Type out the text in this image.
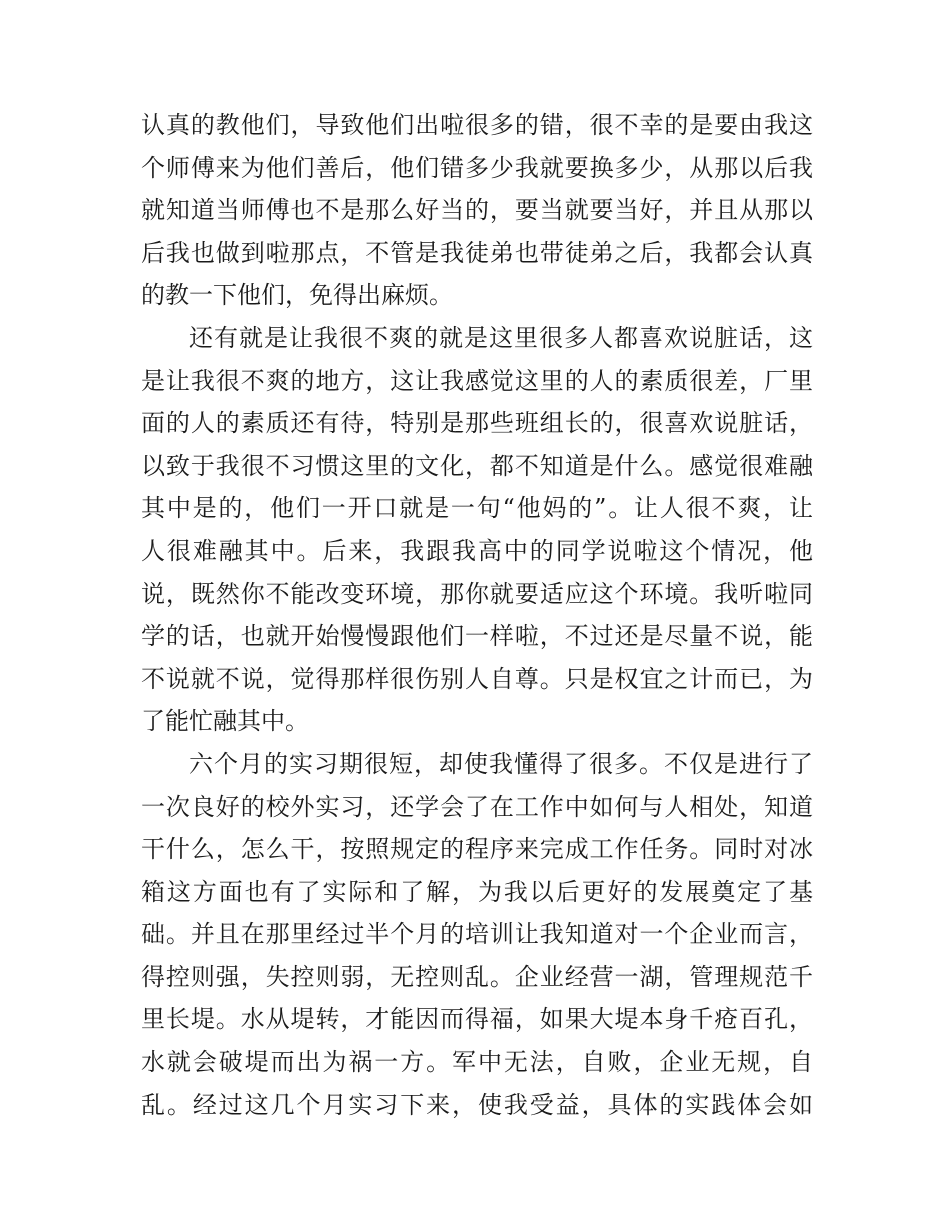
认真的教他们，导致他们出啦很多的错，很不幸的是要由我这
个师傅来为他们善后，他们错多少我就要换多少，从那以后我
就知道当师傅也不是那么好当的，要当就要当好，并且从那以
后我也做到啦那点，不管是我徒弟也带徒弟之后，我都会认真
的教一下他们，免得出麻烦。
还有就是让我很不爽的就是这里很多人都喜欢说脏话，这
是让我很不爽的地方，这让我感觉这里的人的素质很差，厂里
面的人的素质还有待，特别是那些班组长的，很喜欢说脏话，
以致于我很不习惯这里的文化，都不知道是什么。感觉很难融
其中是的，他们一开口就是一句“他妈的”。让人很不爽，让
人很难融其中。后来，我跟我高中的同学说啦这个情况，他
说，既然你不能改变环境，那你就要适应这个环境。我听啦同
学的话，也就开始慢慢跟他们一样啦，不过还是尽量不说，能
不说就不说，觉得那样很伤别人自尊。只是权宜之计而已，为
了能忙融其中。
六个月的实习期很短，却使我懂得了很多。不仅是进行了
一次良好的校外实习，还学会了在工作中如何与人相处，知道
干什么，怎么干，按照规定的程序来完成工作任务。同时对冰
箱这方面也有了实际和了解，为我以后更好的发展奠定了基
础。并且在那里经过半个月的培训让我知道对一个企业而言，
得控则强，失控则弱，无控则乱。企业经营一湖，管理规范千
里长堤。水从堤转，才能因而得福，如果大堤本身千疮百孔，
水就会破堤而出为祸一方。军中无法，自败，企业无规，自
乱。经过这几个月实习下来，使我受益，具体的实践体会如
